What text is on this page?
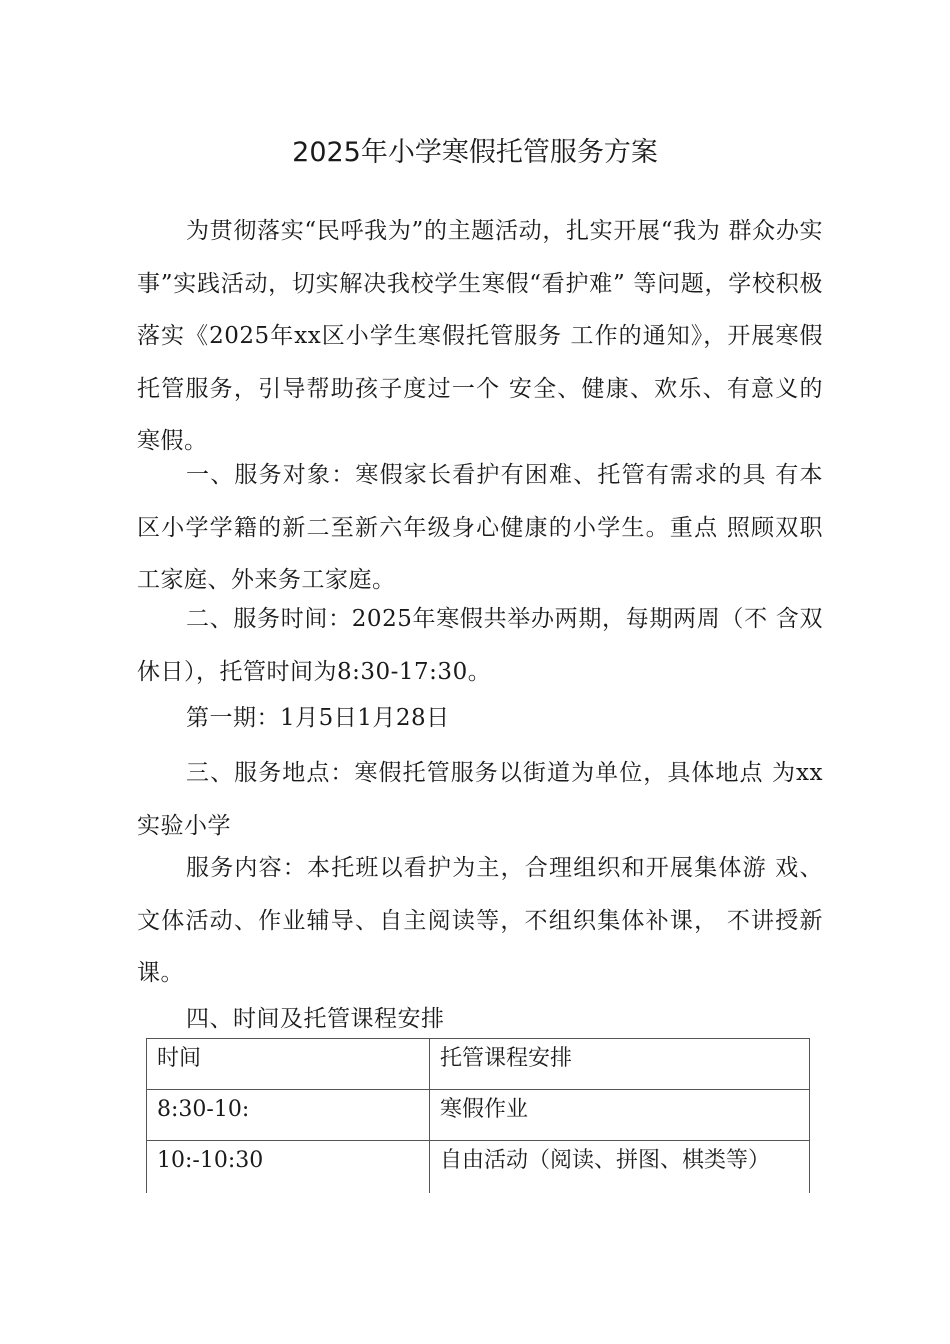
2025年小学寒假托管服务方案

为贯彻落实“民呼我为”的主题活动，扎实开展“我为 群众办实事”实践活动，切实解决我校学生寒假“看护难” 等问题，学校积极落实《2025年xx区小学生寒假托管服务 工作的通知》，开展寒假托管服务，引导帮助孩子度过一个 安全、健康、欢乐、有意义的寒假。

一、服务对象：寒假家长看护有困难、托管有需求的具 有本区小学学籍的新二至新六年级身心健康的小学生。重点 照顾双职工家庭、外来务工家庭。

二、服务时间：2025年寒假共举办两期，每期两周（不 含双休日），托管时间为8:30-17:30。

第一期：1月5日1月28日

三、服务地点：寒假托管服务以街道为单位，具体地点 为xx实验小学

服务内容：本托班以看护为主，合理组织和开展集体游 戏、文体活动、作业辅导、自主阅读等，不组织集体补课， 不讲授新课。

四、时间及托管课程安排

时间	托管课程安排
8:30-10:	寒假作业
10:-10:30	自由活动（阅读、拼图、棋类等）
